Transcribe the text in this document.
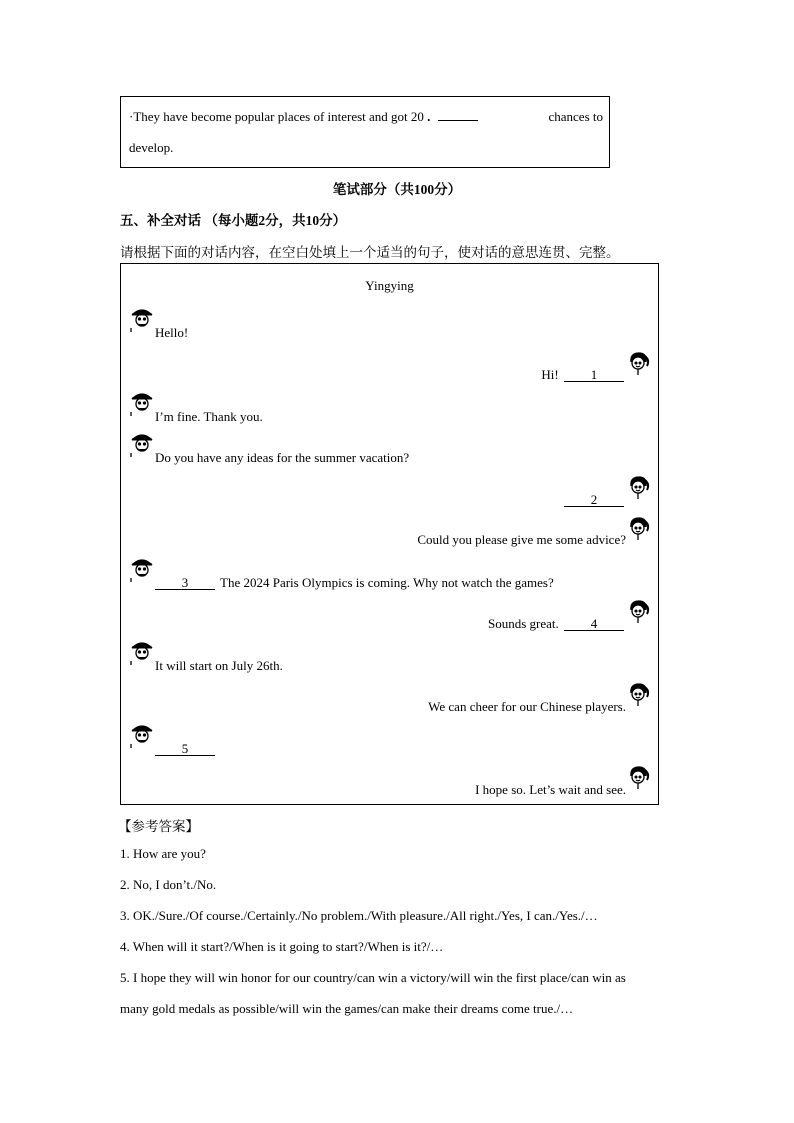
·They have become popular places of interest and got 20 .	chances to
develop.
笔试部分（共100分）
五、补全对话 （每小题2分，共10分）
请根据下面的对话内容，在空白处填上一个适当的句子，使对话的意思连贯、完整。
Yingying
Hello!
Hi! 1
I’m fine. Thank you.
Do you have any ideas for the summer vacation?
2
Could you please give me some advice?
3 The 2024 Paris Olympics is coming. Why not watch the games?
Sounds great. 4
It will start on July 26th.
We can cheer for our Chinese players.
5
I hope so. Let’s wait and see.
【参考答案】
1. How are you?
2. No, I don’t./No.
3. OK./Sure./Of course./Certainly./No problem./With pleasure./All right./Yes, I can./Yes./…
4. When will it start?/When is it going to start?/When is it?/…
5. I hope they will win honor for our country/can win a victory/will win the first place/can win as
many gold medals as possible/will win the games/can make their dreams come true./…
